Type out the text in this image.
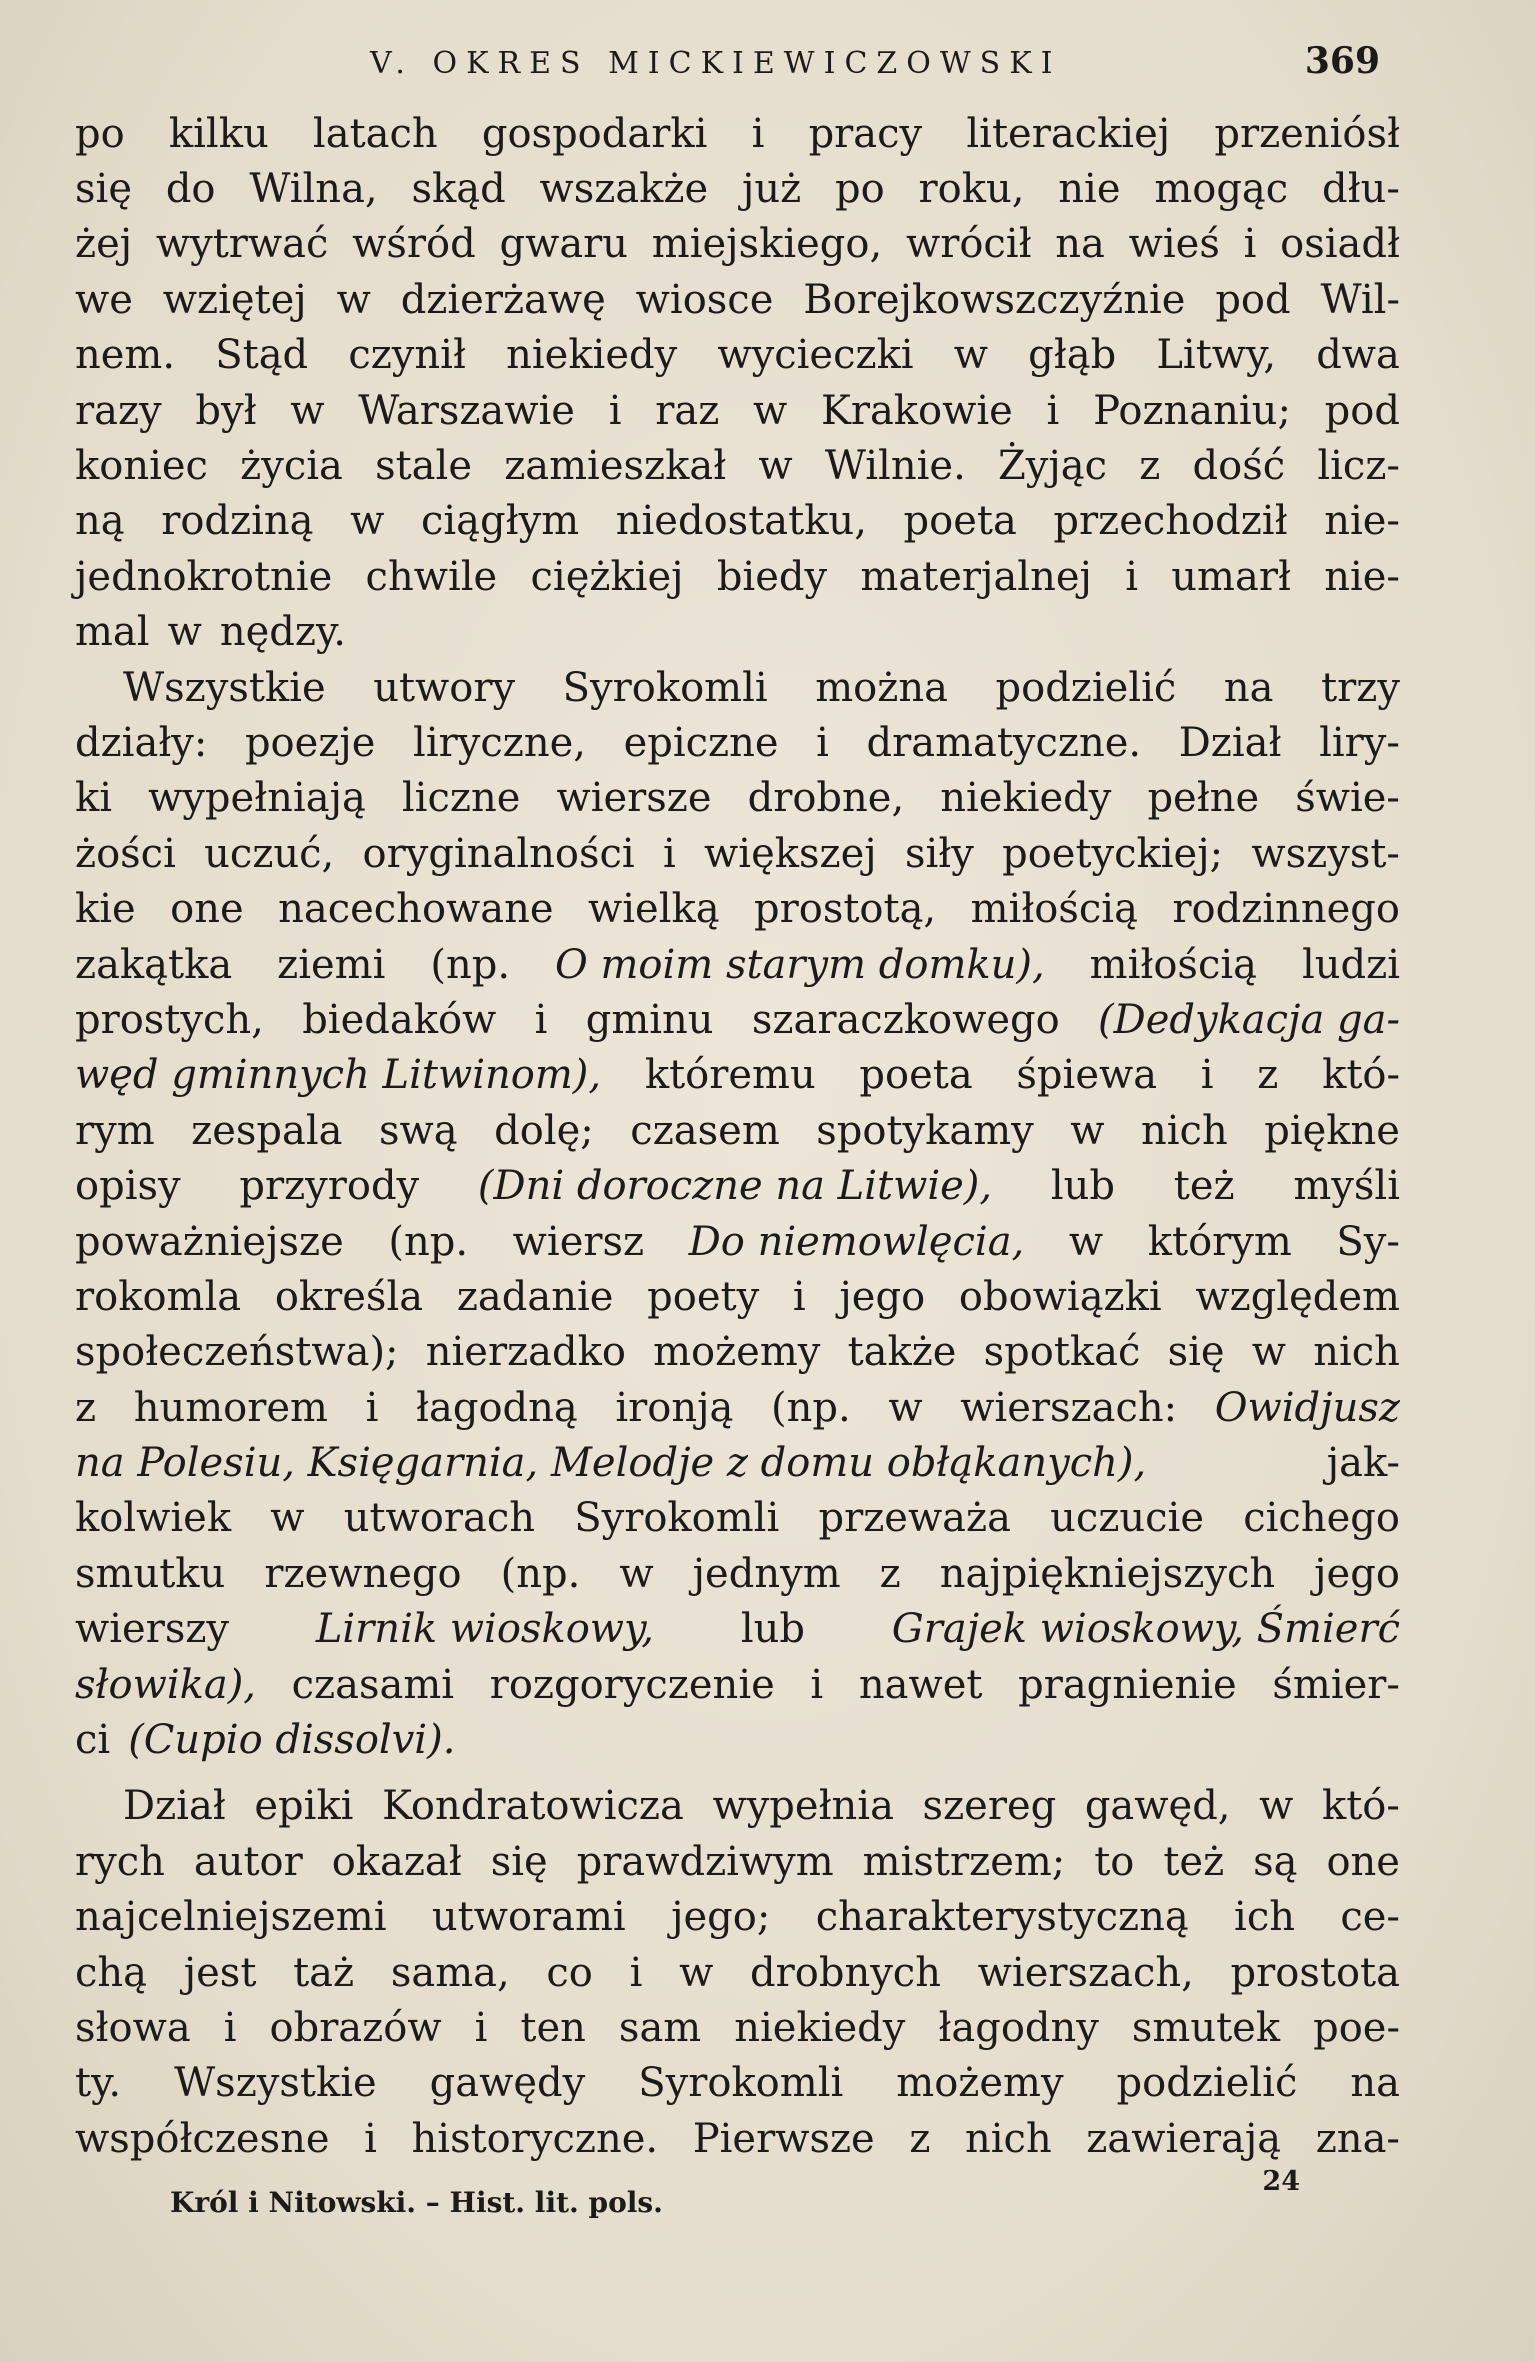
V. OKRES MICKIEWICZOWSKI	369
po kilku latach gospodarki i pracy literackiej przeniósł
się do Wilna, skąd wszakże już po roku, nie mogąc dłu-
żej wytrwać wśród gwaru miejskiego, wrócił na wieś i osiadł
we wziętej w dzierżawę wiosce Borejkowszczyźnie pod Wil-
nem. Stąd czynił niekiedy wycieczki w głąb Litwy, dwa
razy był w Warszawie i raz w Krakowie i Poznaniu; pod
koniec życia stale zamieszkał w Wilnie. Żyjąc z dość licz-
ną rodziną w ciągłym niedostatku, poeta przechodził nie-
jednokrotnie chwile ciężkiej biedy materjalnej i umarł nie-
mal w nędzy.
Wszystkie utwory Syrokomli można podzielić na trzy
działy: poezje liryczne, epiczne i dramatyczne. Dział liry-
ki wypełniają liczne wiersze drobne, niekiedy pełne świe-
żości uczuć, oryginalności i większej siły poetyckiej; wszyst-
kie one nacechowane wielką prostotą, miłością rodzinnego
zakątka ziemi (np. O moim starym domku), miłością ludzi
prostych, biedaków i gminu szaraczkowego (Dedykacja ga-
węd gminnych Litwinom), któremu poeta śpiewa i z któ-
rym zespala swą dolę; czasem spotykamy w nich piękne
opisy przyrody (Dni doroczne na Litwie), lub też myśli
poważniejsze (np. wiersz Do niemowlęcia, w którym Sy-
rokomla określa zadanie poety i jego obowiązki względem
społeczeństwa); nierzadko możemy także spotkać się w nich
z humorem i łagodną ironją (np. w wierszach: Owidjusz
na Polesiu, Księgarnia, Melodje z domu obłąkanych),	jak-
kolwiek w utworach Syrokomli przeważa uczucie cichego
smutku rzewnego (np. w jednym z najpiękniejszych jego
wierszy Lirnik wioskowy, lub Grajek wioskowy, Śmierć
słowika), czasami rozgoryczenie i nawet pragnienie śmier-
ci (Cupio dissolvi).
Dział epiki Kondratowicza wypełnia szereg gawęd, w któ-
rych autor okazał się prawdziwym mistrzem; to też są one
najcelniejszemi utworami jego; charakterystyczną ich ce-
chą jest taż sama, co i w drobnych wierszach, prostota
słowa i obrazów i ten sam niekiedy łagodny smutek poe-
ty. Wszystkie gawędy Syrokomli możemy podzielić na
współczesne i historyczne. Pierwsze z nich zawierają zna-
Król i Nitowski. – Hist. lit. pols.
24
